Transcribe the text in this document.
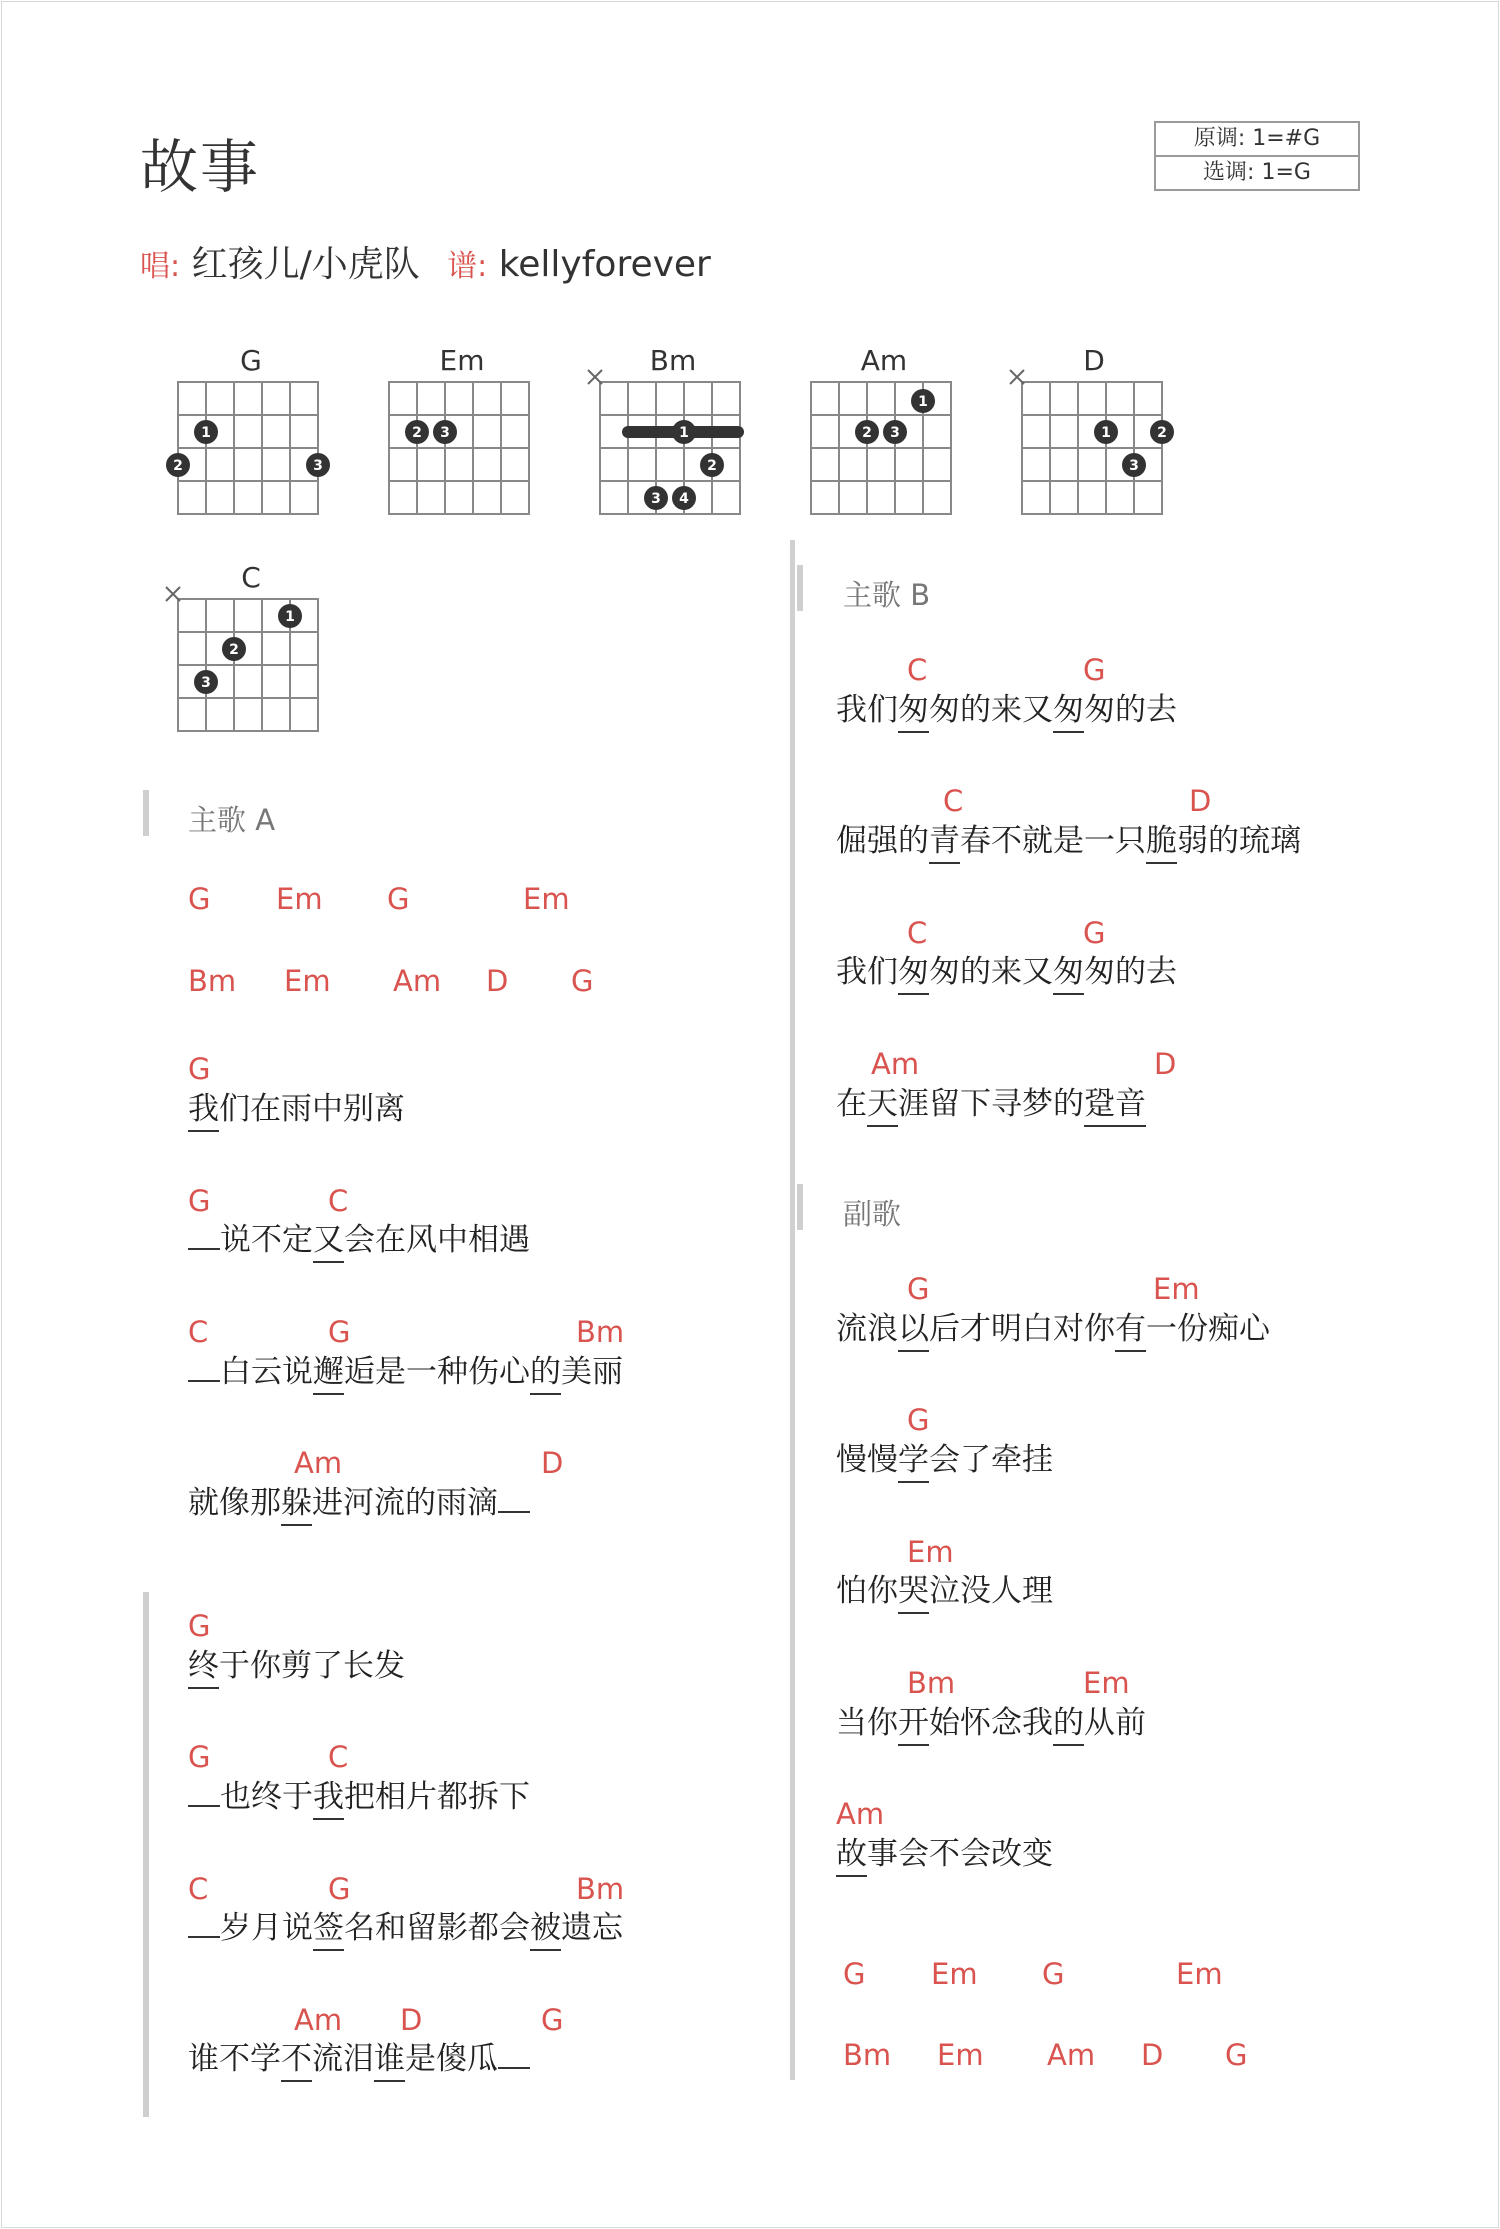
故事	原调: 1=#G
选调: 1=G
唱: 红孩儿/小虎队 谱: kellyforever
G	Em	Bm	Am	D
C
1
2	3
2 3	1
2
3 4
1
2 3	1	2
3
1
2
3
主歌 A
G Em G	Em
Bm Em Am D G
G
我们在雨中别离
G	C
说不定又会在风中相遇
C	G	Bm
白云说邂逅是一种伤心的美丽
Am	D
就像那躲进河流的雨滴
G
终于你剪了长发
G	C
也终于我把相片都拆下
C	G	Bm
岁月说签名和留影都会被遗忘
Am D	G
谁不学不流泪谁是傻瓜
主歌 B
C	G
我们匆匆的来又匆匆的去
C	D
倔强的青春不就是一只脆弱的琉璃
C	G
我们匆匆的来又匆匆的去
Am	D
在天涯留下寻梦的跫音
副歌
G	Em
流浪以后才明白对你有一份痴心
G
慢慢学会了牵挂
Em
怕你哭泣没人理
Bm	Em
当你开始怀念我的从前
Am
故事会不会改变
G Em G	Em
Bm Em Am D G
